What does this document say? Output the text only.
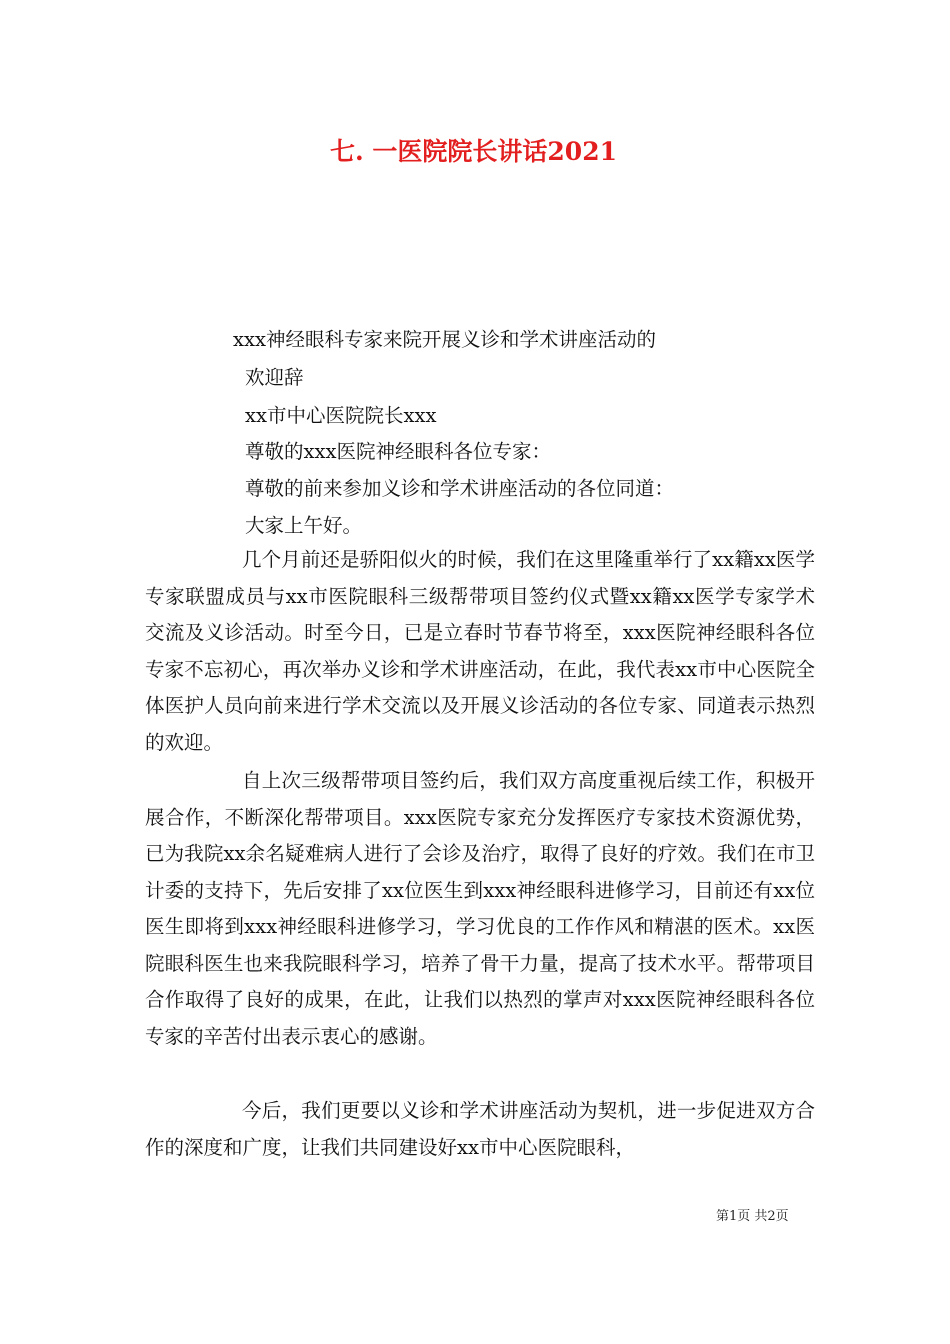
七. 一医院院长讲话2021
xxx神经眼科专家来院开展义诊和学术讲座活动的
欢迎辞
xx市中心医院院长xxx
尊敬的xxx医院神经眼科各位专家：
尊敬的前来参加义诊和学术讲座活动的各位同道：
大家上午好。
几个月前还是骄阳似火的时候，我们在这里隆重举行了xx籍xx医学专家联盟成员与xx市医院眼科三级帮带项目签约仪式暨xx籍xx医学专家学术交流及义诊活动。时至今日，已是立春时节春节将至，xxx医院神经眼科各位专家不忘初心，再次举办义诊和学术讲座活动，在此，我代表xx市中心医院全体医护人员向前来进行学术交流以及开展义诊活动的各位专家、同道表示热烈的欢迎。
自上次三级帮带项目签约后，我们双方高度重视后续工作，积极开展合作，不断深化帮带项目。xxx医院专家充分发挥医疗专家技术资源优势，已为我院xx余名疑难病人进行了会诊及治疗，取得了良好的疗效。我们在市卫计委的支持下，先后安排了xx位医生到xxx神经眼科进修学习，目前还有xx位医生即将到xxx神经眼科进修学习，学习优良的工作作风和精湛的医术。xx医院眼科医生也来我院眼科学习，培养了骨干力量，提高了技术水平。帮带项目合作取得了良好的成果，在此，让我们以热烈的掌声对xxx医院神经眼科各位专家的辛苦付出表示衷心的感谢。
今后，我们更要以义诊和学术讲座活动为契机，进一步促进双方合作的深度和广度，让我们共同建设好xx市中心医院眼科，
第1页 共2页
